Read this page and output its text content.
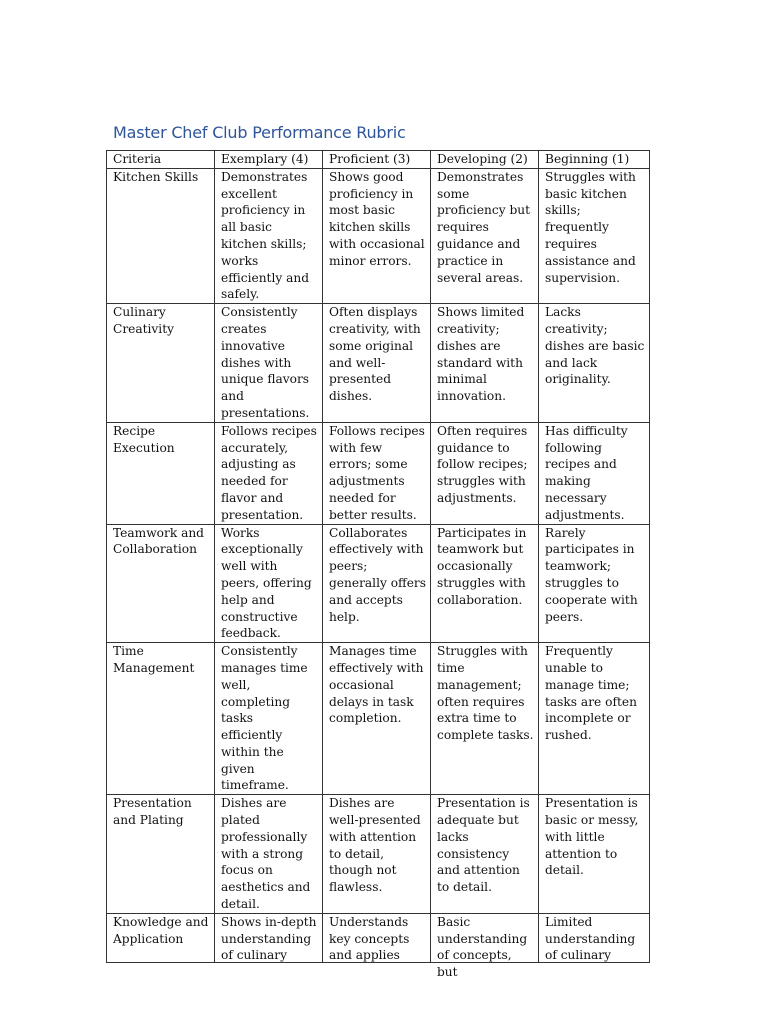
Master Chef Club Performance Rubric
Criteria	Exemplary (4)	Proficient (3)	Developing (2)	Beginning (1)
Kitchen Skills	Demonstrates excellent proficiency in all basic kitchen skills; works efficiently and safely.	Shows good proficiency in most basic kitchen skills with occasional minor errors.	Demonstrates some proficiency but requires guidance and practice in several areas.	Struggles with basic kitchen skills; frequently requires assistance and supervision.
Culinary Creativity	Consistently creates innovative dishes with unique flavors and presentations.	Often displays creativity, with some original and well-presented dishes.	Shows limited creativity; dishes are standard with minimal innovation.	Lacks creativity; dishes are basic and lack originality.
Recipe Execution	Follows recipes accurately, adjusting as needed for flavor and presentation.	Follows recipes with few errors; some adjustments needed for better results.	Often requires guidance to follow recipes; struggles with adjustments.	Has difficulty following recipes and making necessary adjustments.
Teamwork and Collaboration	Works exceptionally well with peers, offering help and constructive feedback.	Collaborates effectively with peers; generally offers and accepts help.	Participates in teamwork but occasionally struggles with collaboration.	Rarely participates in teamwork; struggles to cooperate with peers.
Time Management	Consistently manages time well, completing tasks efficiently within the given timeframe.	Manages time effectively with occasional delays in task completion.	Struggles with time management; often requires extra time to complete tasks.	Frequently unable to manage time; tasks are often incomplete or rushed.
Presentation and Plating	Dishes are plated professionally with a strong focus on aesthetics and detail.	Dishes are well-presented with attention to detail, though not flawless.	Presentation is adequate but lacks consistency and attention to detail.	Presentation is basic or messy, with little attention to detail.

Knowledge and Application	Shows in-depth understanding of culinary	Understands key concepts and applies	Basic understanding of concepts, but	Limited understanding of culinary
